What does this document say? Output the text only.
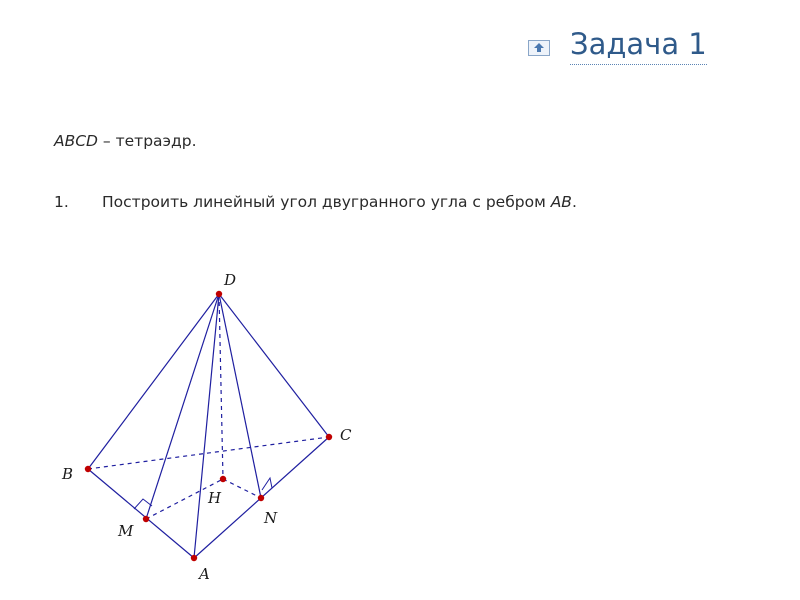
Задача 1
ABCD – тетраэдр.
1.	Построить линейный угол двугранного угла с ребром AB.
D
C
B
H
N
M
A
